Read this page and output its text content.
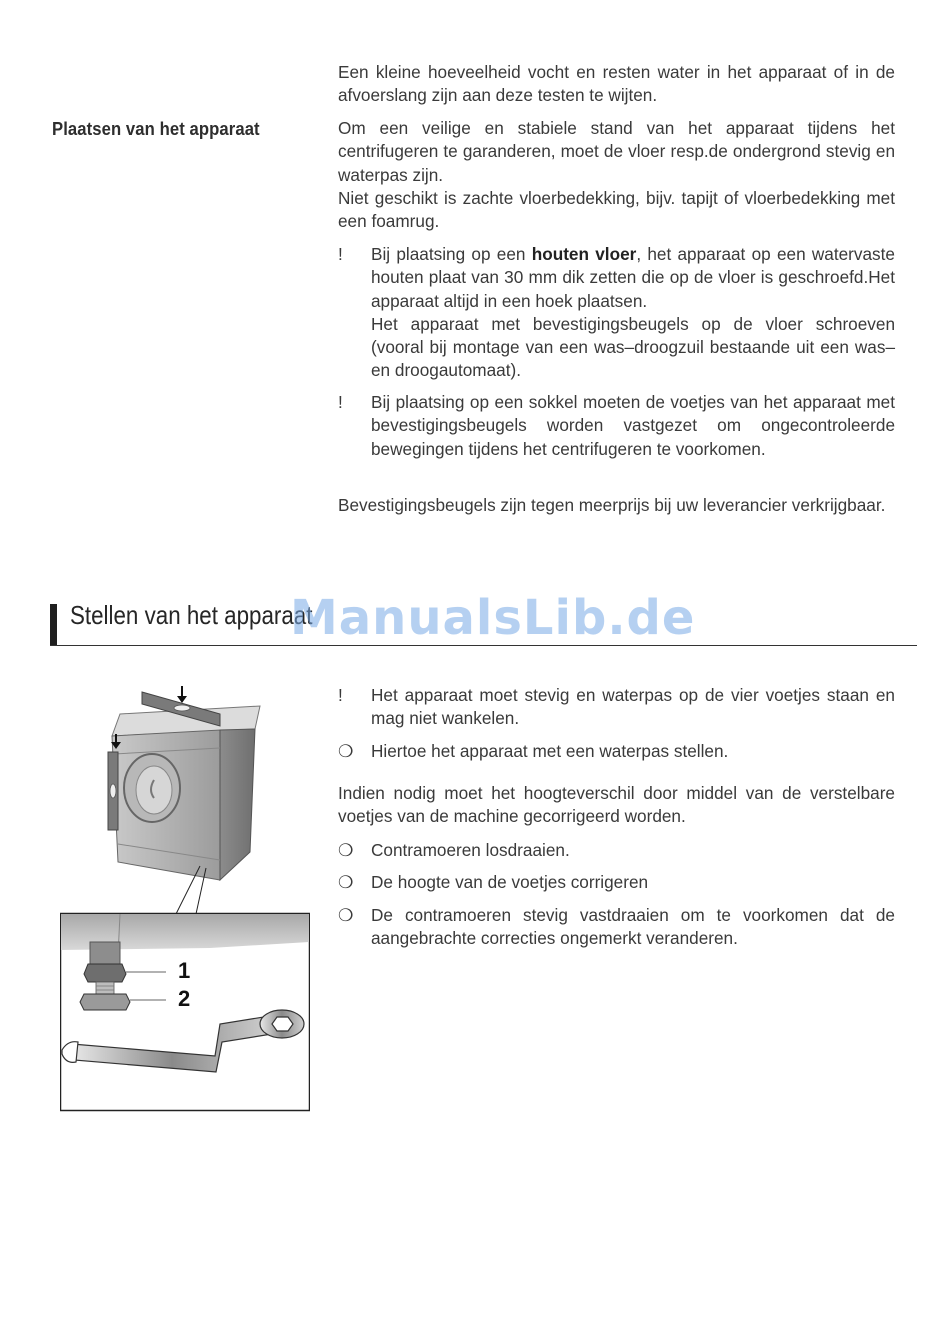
Een kleine hoeveelheid vocht en resten water in het apparaat of in de afvoerslang zijn aan deze testen te wijten.

Plaatsen van het apparaat	Om een veilige en stabiele stand van het apparaat tijdens het centrifugeren te garanderen, moet de vloer resp.de ondergrond stevig en waterpas zijn.

Niet geschikt is zachte vloerbedekking, bijv. tapijt of vloerbedekking met een foamrug.

!	Bij plaatsing op een houten vloer, het apparaat op een watervaste houten plaat van 30 mm dik zetten die op de vloer is geschroefd.Het apparaat altijd in een hoek plaatsen.
Het apparaat met bevestigingsbeugels op de vloer schroeven (vooral bij montage van een was–droogzuil bestaande uit een was– en droogautomaat).
!	Bij plaatsing op een sokkel moeten de voetjes van het apparaat met bevestigingsbeugels worden vastgezet om ongecontroleerde bewegingen tijdens het centrifugeren te voorkomen.

Bevestigingsbeugels zijn tegen meerprijs bij uw leverancier verkrijgbaar.

Stellen van het apparaat
ManualsLib.de
1
2
!	Het apparaat moet stevig en waterpas op de vier voetjes staan en mag niet wankelen.
❍	Hiertoe het apparaat met een waterpas stellen.

Indien nodig moet het hoogteverschil door middel van de verstelbare voetjes van de machine gecorrigeerd worden.

❍	Contramoeren losdraaien.
❍	De hoogte van de voetjes corrigeren
❍	De contramoeren stevig vastdraaien om te voorkomen dat de aangebrachte correcties ongemerkt veranderen.
